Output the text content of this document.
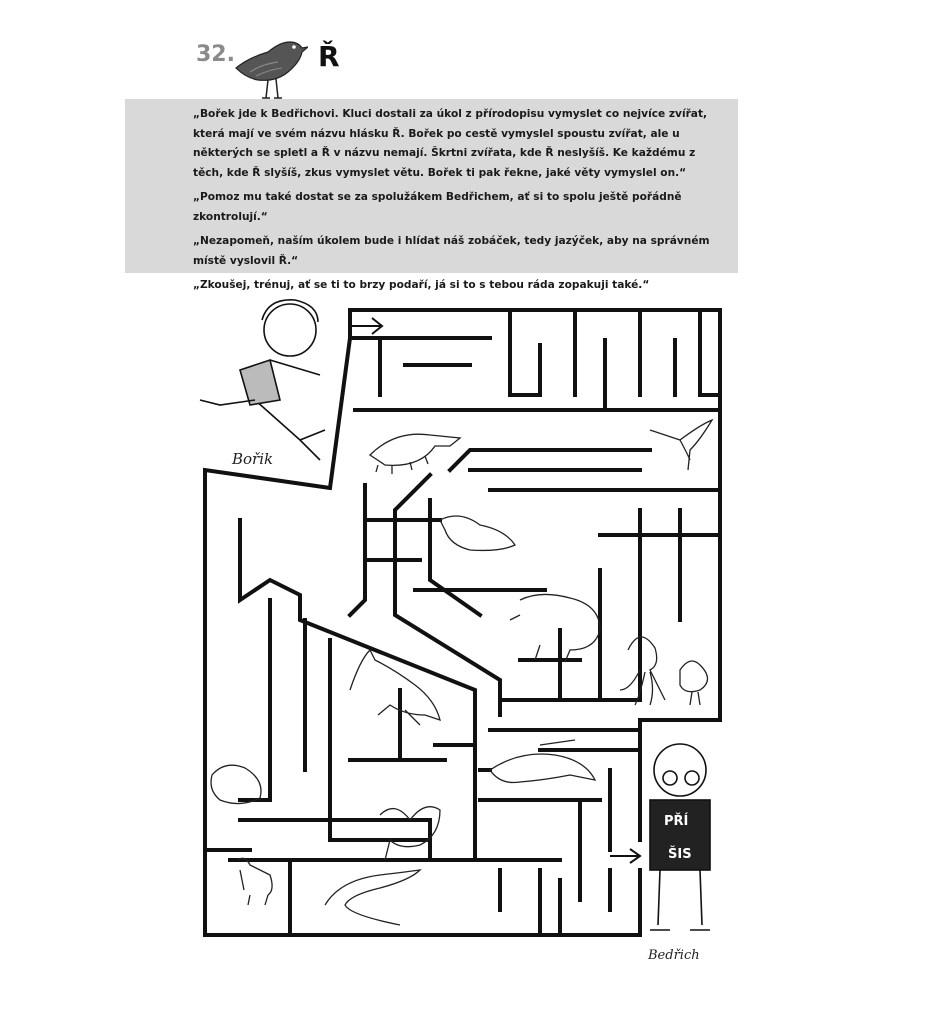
32.	Ř

„Bořek jde k Bedřichovi. Kluci dostali za úkol z přírodopisu vymyslet co nejvíce zvířat, která mají ve svém názvu hlásku Ř. Bořek po cestě vymyslel spoustu zvířat, ale u některých se spletl a Ř v názvu nemají. Škrtni zvířata, kde Ř neslyšíš. Ke každému z těch, kde Ř slyšíš, zkus vymyslet větu. Bořek ti pak řekne, jaké věty vymyslel on.“

„Pomoz mu také dostat se za spolužákem Bedřichem, ať si to spolu ještě pořádně zkontrolují.“

„Nezapomeň, naším úkolem bude i hlídat náš zobáček, tedy jazýček, aby na správném místě vyslovil Ř.“

„Zkoušej, trénuj, ať se ti to brzy podaří, já si to s tebou ráda zopakuji také.“

PŘÍ
ŠIS
Bořik
Bedřich
